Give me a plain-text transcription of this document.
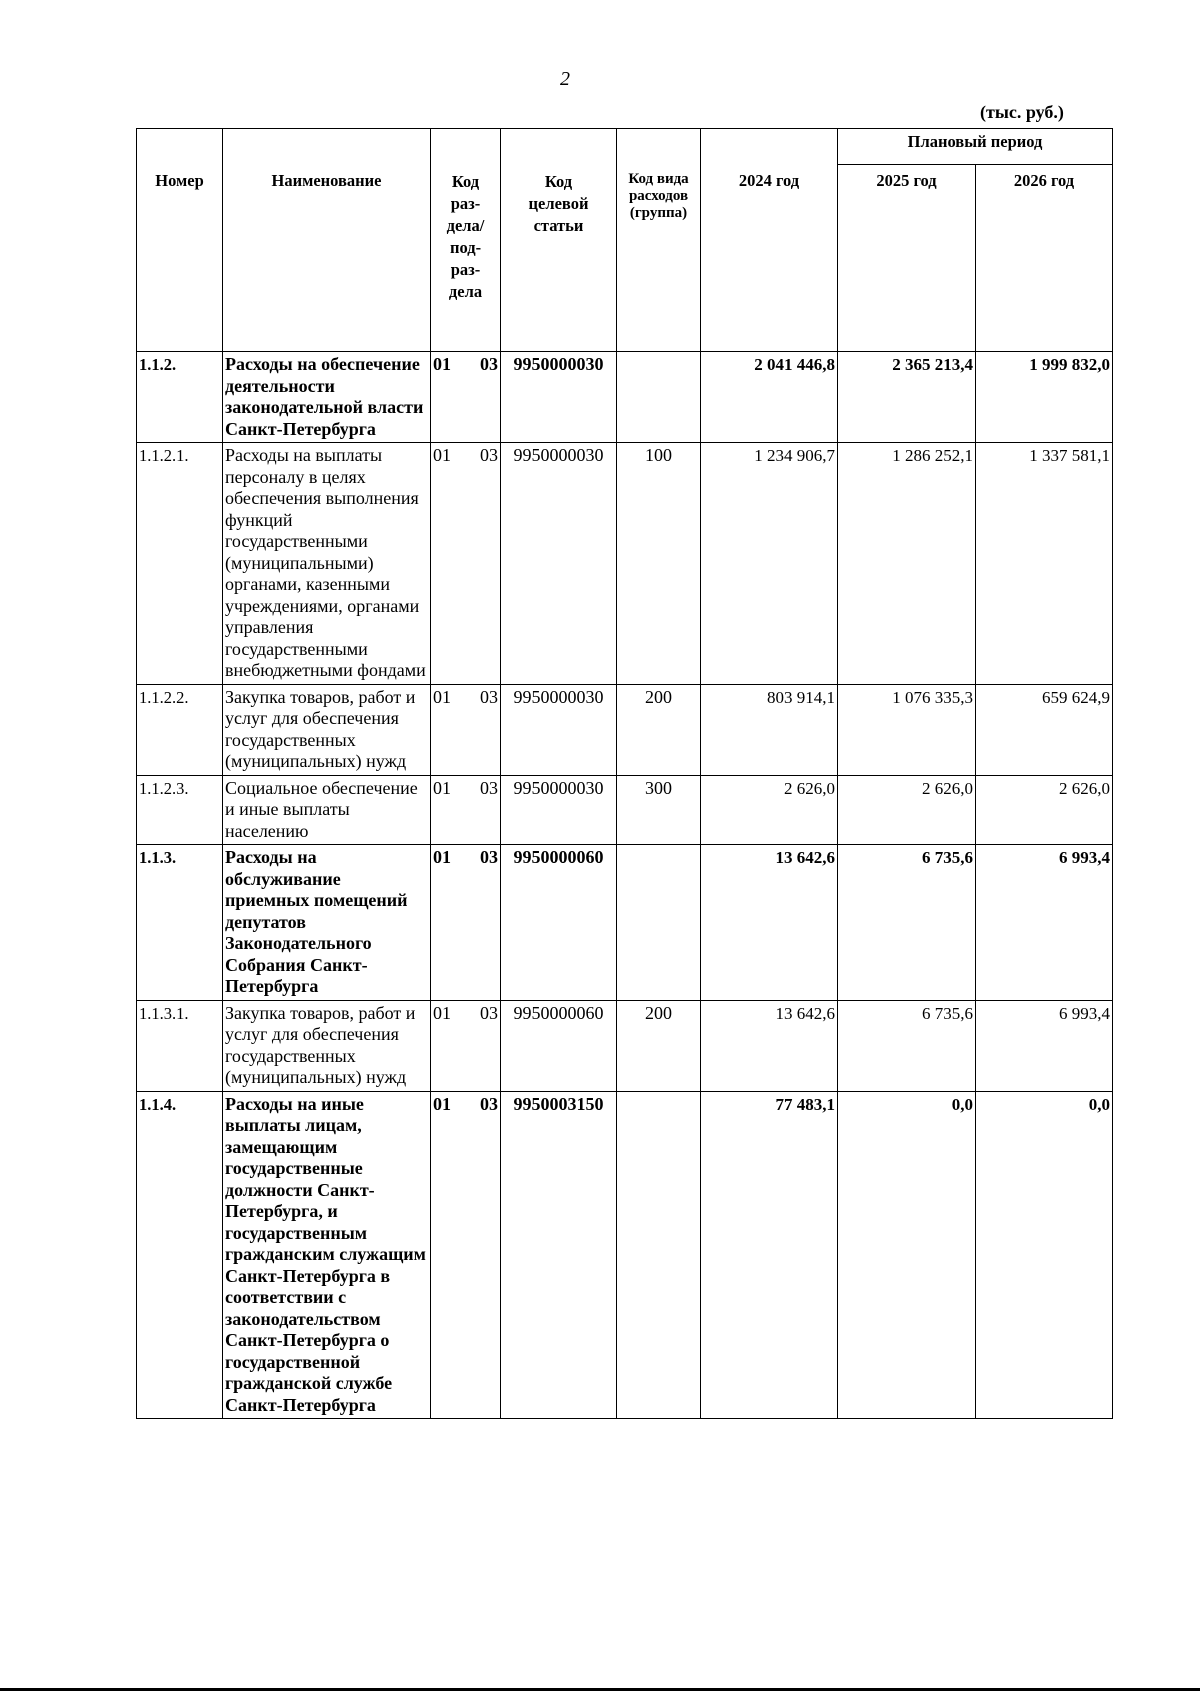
2
(тыс. руб.)
Номер	Наименование	Код раз- дела/ под- раз- дела	Код целевой статьи	Код вида расходов (группа)	2024 год	Плановый период	
						2025 год	2026 год
1.1.2.	Расходы на обеспечение деятельности законодательной власти Санкт-Петербурга	01 03	9950000030		2 041 446,8	2 365 213,4	1 999 832,0
1.1.2.1.	Расходы на выплаты персоналу в целях обеспечения выполнения функций государственными (муниципальными) органами, казенными учреждениями, органами управления государственными внебюджетными фондами	01 03	9950000030	100	1 234 906,7	1 286 252,1	1 337 581,1
1.1.2.2.	Закупка товаров, работ и услуг для обеспечения государственных (муниципальных) нужд	01 03	9950000030	200	803 914,1	1 076 335,3	659 624,9
1.1.2.3.	Социальное обеспечение и иные выплаты населению	01 03	9950000030	300	2 626,0	2 626,0	2 626,0
1.1.3.	Расходы на обслуживание приемных помещений депутатов Законодательного Собрания Санкт-Петербурга	01 03	9950000060		13 642,6	6 735,6	6 993,4
1.1.3.1.	Закупка товаров, работ и услуг для обеспечения государственных (муниципальных) нужд	01 03	9950000060	200	13 642,6	6 735,6	6 993,4
1.1.4.	Расходы на иные выплаты лицам, замещающим государственные должности Санкт-Петербурга, и государственным гражданским служащим Санкт-Петербурга в соответствии с законодательством Санкт-Петербурга о государственной гражданской службе Санкт-Петербурга	01 03	9950003150		77 483,1	0,0	0,0
